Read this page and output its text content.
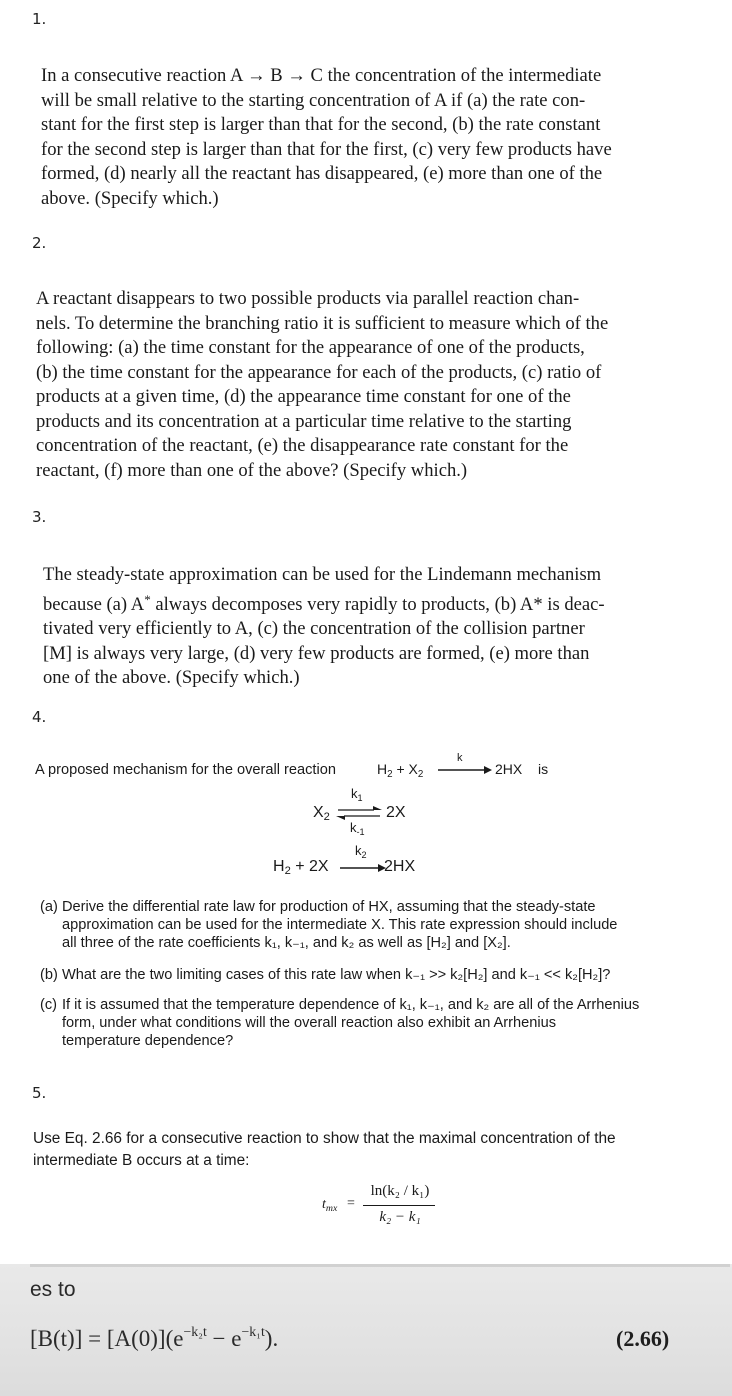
1.
In a consecutive reaction A → B → C the concentration of the intermediate
will be small relative to the starting concentration of A if (a) the rate con-
stant for the first step is larger than that for the second, (b) the rate constant
for the second step is larger than that for the first, (c) very few products have
formed, (d) nearly all the reactant has disappeared, (e) more than one of the
above. (Specify which.)
2.
A reactant disappears to two possible products via parallel reaction chan-
nels. To determine the branching ratio it is sufficient to measure which of the
following: (a) the time constant for the appearance of one of the products,
(b) the time constant for the appearance for each of the products, (c) ratio of
products at a given time, (d) the appearance time constant for one of the
products and its concentration at a particular time relative to the starting
concentration of the reactant, (e) the disappearance rate constant for the
reactant, (f) more than one of the above? (Specify which.)
3.
The steady-state approximation can be used for the Lindemann mechanism
because (a) A* always decomposes very rapidly to products, (b) A* is deac-
tivated very efficiently to A, (c) the concentration of the collision partner
[M] is always very large, (d) very few products are formed, (e) more than
one of the above. (Specify which.)
4.
A proposed mechanism for the overall reaction	$H_2 + X_2$
k
2HX is
$X_2$
$k_1$
$k_{-1}$
2X
$H_2 + 2X$
$k_2$
2HX
(a) Derive the differential rate law for production of HX, assuming that the steady-state
approximation can be used for the intermediate X. This rate expression should include
all three of the rate coefficients k₁, k₋₁, and k₂ as well as [H₂] and [X₂].
(b) What are the two limiting cases of this rate law when k₋₁ >> k₂[H₂] and k₋₁ << k₂[H₂]?
(c) If it is assumed that the temperature dependence of k₁, k₋₁, and k₂ are all of the Arrhenius
form, under what conditions will the overall reaction also exhibit an Arrhenius
temperature dependence?
5.
Use Eq. 2.66 for a consecutive reaction to show that the maximal concentration of the
intermediate B occurs at a time:
$t_{mx}$ =
ln(k₂ / k₁)
k₂ − k₁
es to
$[B(t)] = [A(0)](e^{-k_2t} - e^{-k_1t})$.	(2.66)
